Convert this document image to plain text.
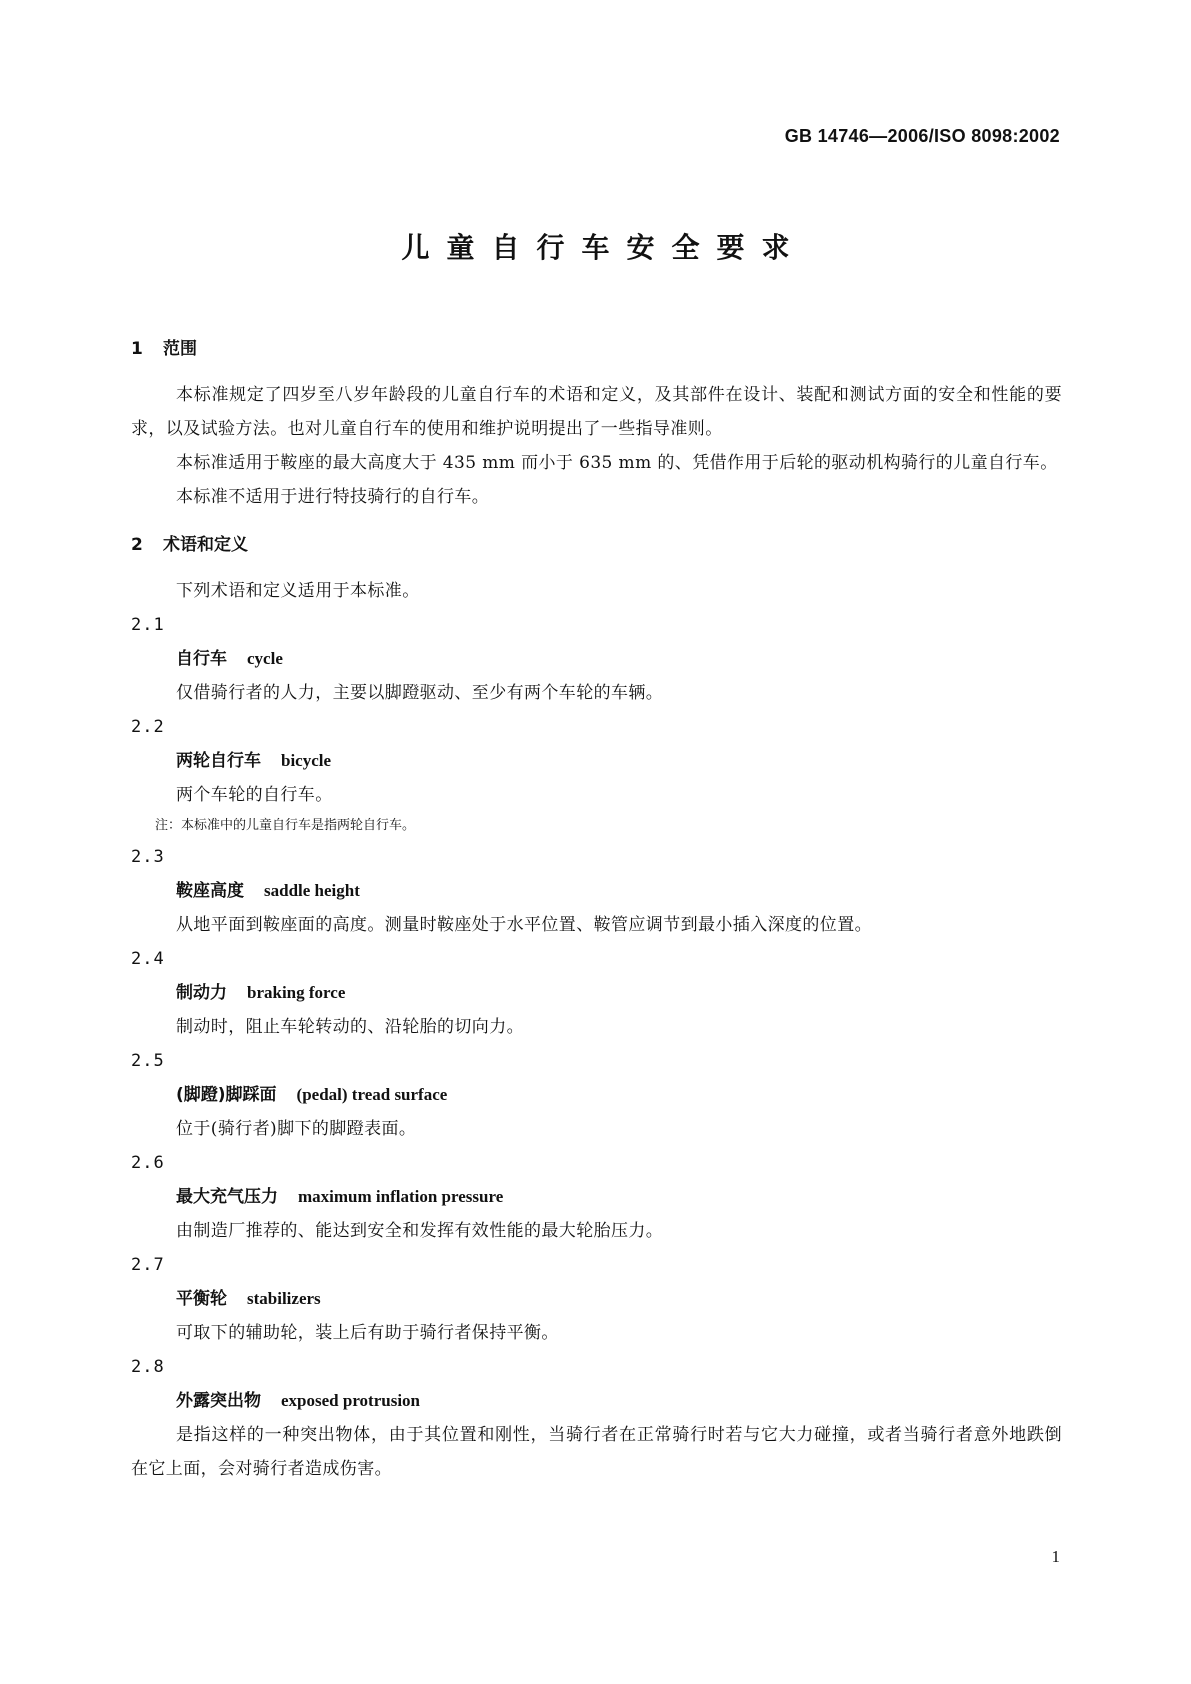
GB 14746—2006/ISO 8098:2002
儿童自行车安全要求
1 范围

本标准规定了四岁至八岁年龄段的儿童自行车的术语和定义，及其部件在设计、装配和测试方面的安全和性能的要求，以及试验方法。也对儿童自行车的使用和维护说明提出了一些指导准则。

本标准适用于鞍座的最大高度大于 435 mm 而小于 635 mm 的、凭借作用于后轮的驱动机构骑行的儿童自行车。

本标准不适用于进行特技骑行的自行车。

2 术语和定义

下列术语和定义适用于本标准。

2.1
自行车 cycle
仅借骑行者的人力，主要以脚蹬驱动、至少有两个车轮的车辆。
2.2
两轮自行车 bicycle
两个车轮的自行车。
注：本标准中的儿童自行车是指两轮自行车。
2.3
鞍座高度 saddle height
从地平面到鞍座面的高度。测量时鞍座处于水平位置、鞍管应调节到最小插入深度的位置。
2.4
制动力 braking force
制动时，阻止车轮转动的、沿轮胎的切向力。
2.5
(脚蹬)脚踩面 (pedal) tread surface
位于(骑行者)脚下的脚蹬表面。
2.6
最大充气压力 maximum inflation pressure
由制造厂推荐的、能达到安全和发挥有效性能的最大轮胎压力。
2.7
平衡轮 stabilizers
可取下的辅助轮，装上后有助于骑行者保持平衡。
2.8
外露突出物 exposed protrusion
是指这样的一种突出物体，由于其位置和刚性，当骑行者在正常骑行时若与它大力碰撞，或者当骑行者意外地跌倒在它上面，会对骑行者造成伤害。
1
